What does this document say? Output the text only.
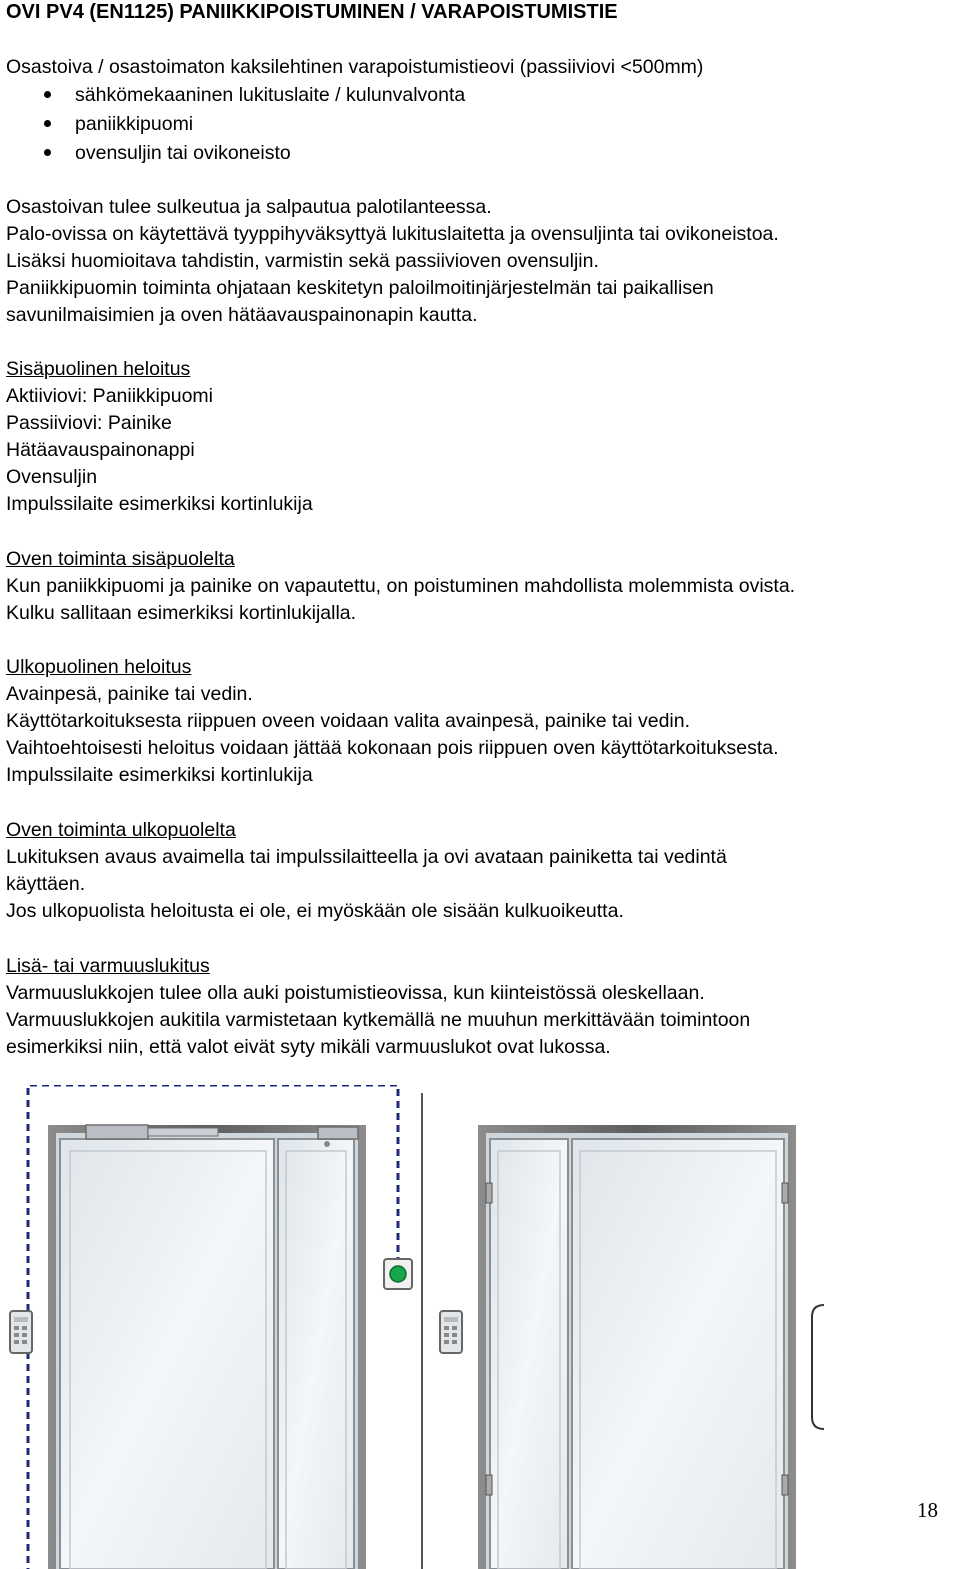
OVI PV4 (EN1125) PANIIKKIPOISTUMINEN / VARAPOISTUMISTIE
Osastoiva / osastoimaton kaksilehtinen varapoistumistieovi (passiiviovi <500mm)
sähkömekaaninen lukituslaite / kulunvalvonta
paniikkipuomi
ovensuljin tai ovikoneisto
Osastoivan tulee sulkeutua ja salpautua palotilanteessa.
Palo-ovissa on käytettävä tyyppihyväksyttyä lukituslaitetta ja ovensuljinta tai ovikoneistoa.
Lisäksi huomioitava tahdistin, varmistin sekä passiivioven ovensuljin.
Paniikkipuomin toiminta ohjataan keskitetyn paloilmoitinjärjestelmän tai paikallisen
savunilmaisimien ja oven hätäavauspainonapin kautta.
Sisäpuolinen heloitus
Aktiiviovi: Paniikkipuomi
Passiiviovi: Painike
Hätäavauspainonappi
Ovensuljin
Impulssilaite esimerkiksi kortinlukija
Oven toiminta sisäpuolelta
Kun paniikkipuomi ja painike on vapautettu, on poistuminen mahdollista molemmista ovista.
Kulku sallitaan esimerkiksi kortinlukijalla.
Ulkopuolinen heloitus
Avainpesä, painike tai vedin.
Käyttötarkoituksesta riippuen oveen voidaan valita avainpesä, painike tai vedin.
Vaihtoehtoisesti heloitus voidaan jättää kokonaan pois riippuen oven käyttötarkoituksesta.
Impulssilaite esimerkiksi kortinlukija
Oven toiminta ulkopuolelta
Lukituksen avaus avaimella tai impulssilaitteella ja ovi avataan painiketta tai vedintä
käyttäen.
Jos ulkopuolista heloitusta ei ole, ei myöskään ole sisään kulkuoikeutta.
Lisä- tai varmuuslukitus
Varmuuslukkojen tulee olla auki poistumistieovissa, kun kiinteistössä oleskellaan.
Varmuuslukkojen aukitila varmistetaan kytkemällä ne muuhun merkittävään toimintoon
esimerkiksi niin, että valot eivät syty mikäli varmuuslukot ovat lukossa.
18
